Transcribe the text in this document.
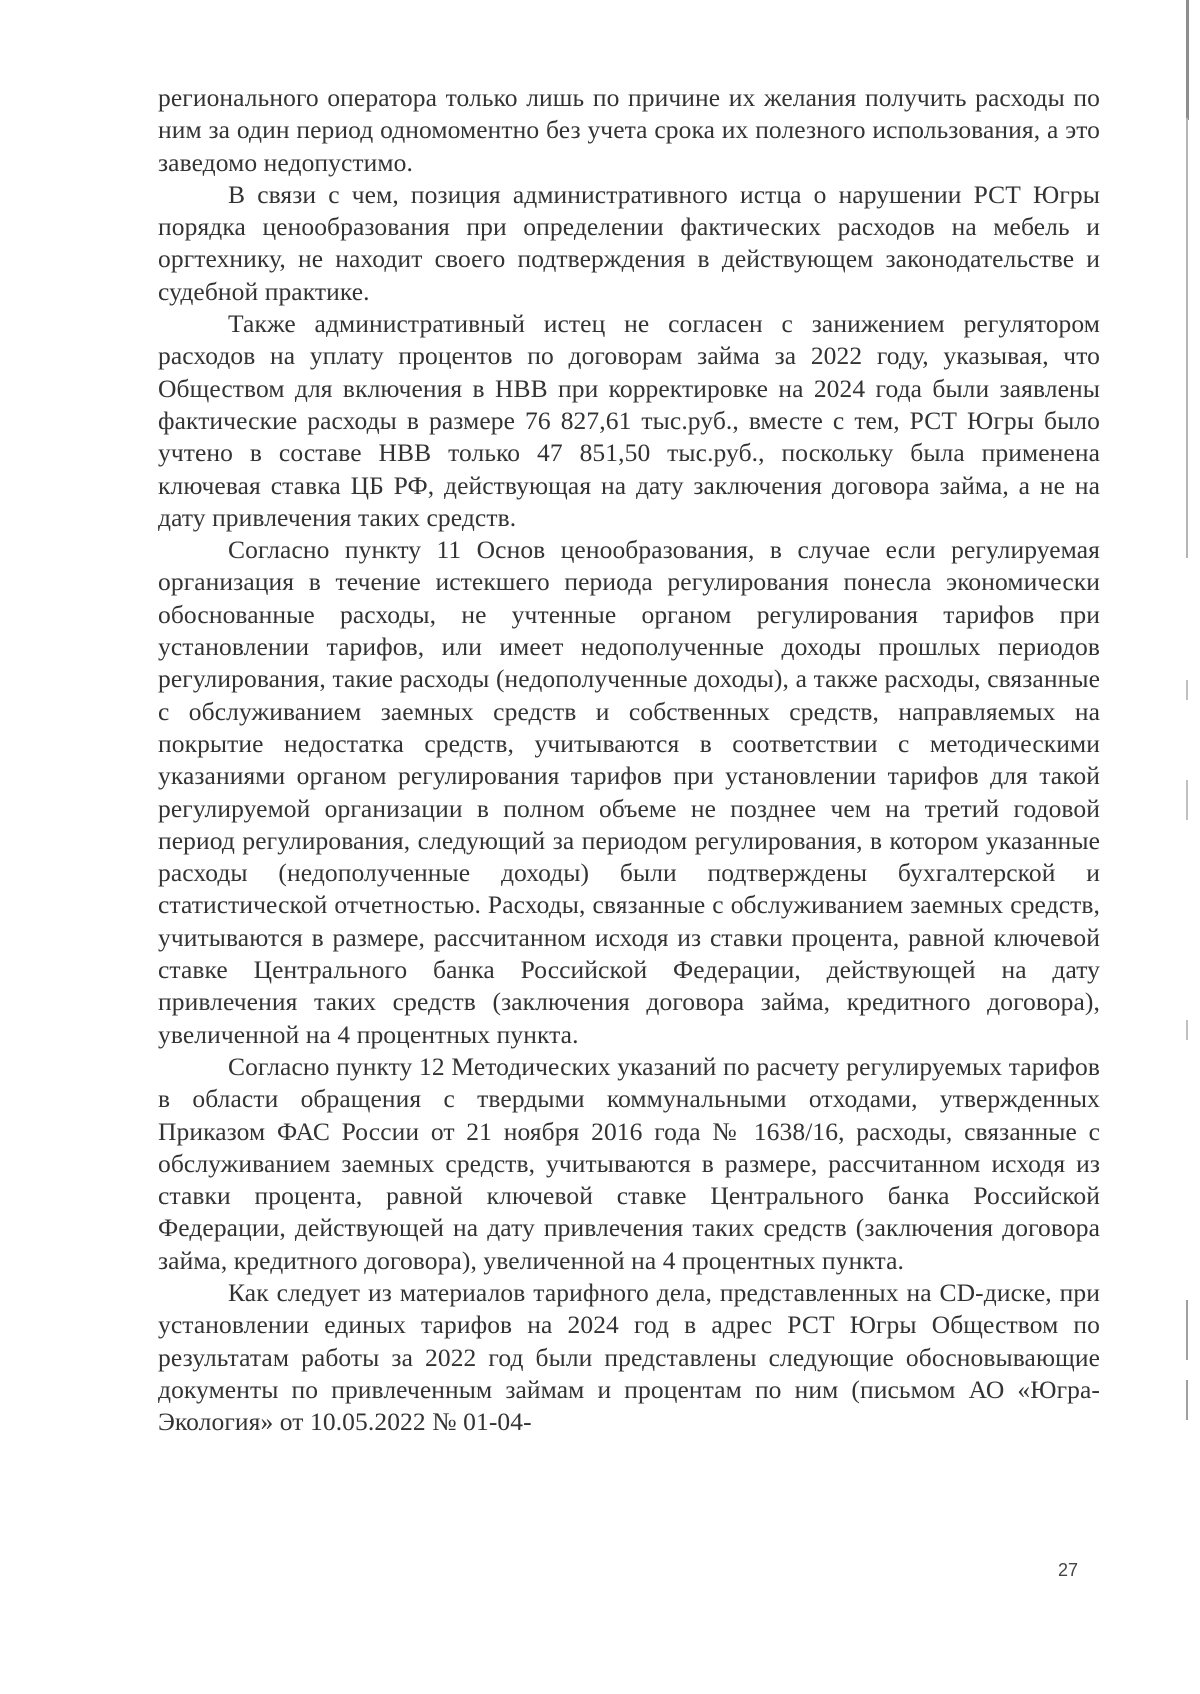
регионального оператора только лишь по причине их желания получить расходы по ним за один период одномоментно без учета срока их полезного использования, а это заведомо недопустимо.

В связи с чем, позиция административного истца о нарушении РСТ Югры порядка ценообразования при определении фактических расходов на мебель и оргтехнику, не находит своего подтверждения в действующем законодательстве и судебной практике.

Также административный истец не согласен с занижением регулятором расходов на уплату процентов по договорам займа за 2022 году, указывая, что Обществом для включения в НВВ при корректировке на 2024 года были заявлены фактические расходы в размере 76 827,61 тыс.руб., вместе с тем, РСТ Югры было учтено в составе НВВ только 47 851,50 тыс.руб., поскольку была применена ключевая ставка ЦБ РФ, действующая на дату заключения договора займа, а не на дату привлечения таких средств.

Согласно пункту 11 Основ ценообразования, в случае если регулируемая организация в течение истекшего периода регулирования понесла экономически обоснованные расходы, не учтенные органом регулирования тарифов при установлении тарифов, или имеет недополученные доходы прошлых периодов регулирования, такие расходы (недополученные доходы), а также расходы, связанные с обслуживанием заемных средств и собственных средств, направляемых на покрытие недостатка средств, учитываются в соответствии с методическими указаниями органом регулирования тарифов при установлении тарифов для такой регулируемой организации в полном объеме не позднее чем на третий годовой период регулирования, следующий за периодом регулирования, в котором указанные расходы (недополученные доходы) были подтверждены бухгалтерской и статистической отчетностью. Расходы, связанные с обслуживанием заемных средств, учитываются в размере, рассчитанном исходя из ставки процента, равной ключевой ставке Центрального банка Российской Федерации, действующей на дату привлечения таких средств (заключения договора займа, кредитного договора), увеличенной на 4 процентных пункта.

Согласно пункту 12 Методических указаний по расчету регулируемых тарифов в области обращения с твердыми коммунальными отходами, утвержденных Приказом ФАС России от 21 ноября 2016 года № 1638/16, расходы, связанные с обслуживанием заемных средств, учитываются в размере, рассчитанном исходя из ставки процента, равной ключевой ставке Центрального банка Российской Федерации, действующей на дату привлечения таких средств (заключения договора займа, кредитного договора), увеличенной на 4 процентных пункта.

Как следует из материалов тарифного дела, представленных на CD-диске, при установлении единых тарифов на 2024 год в адрес РСТ Югры Обществом по результатам работы за 2022 год были представлены следующие обосновывающие документы по привлеченным займам и процентам по ним (письмом АО «Югра-Экология» от 10.05.2022 № 01-04-

27
